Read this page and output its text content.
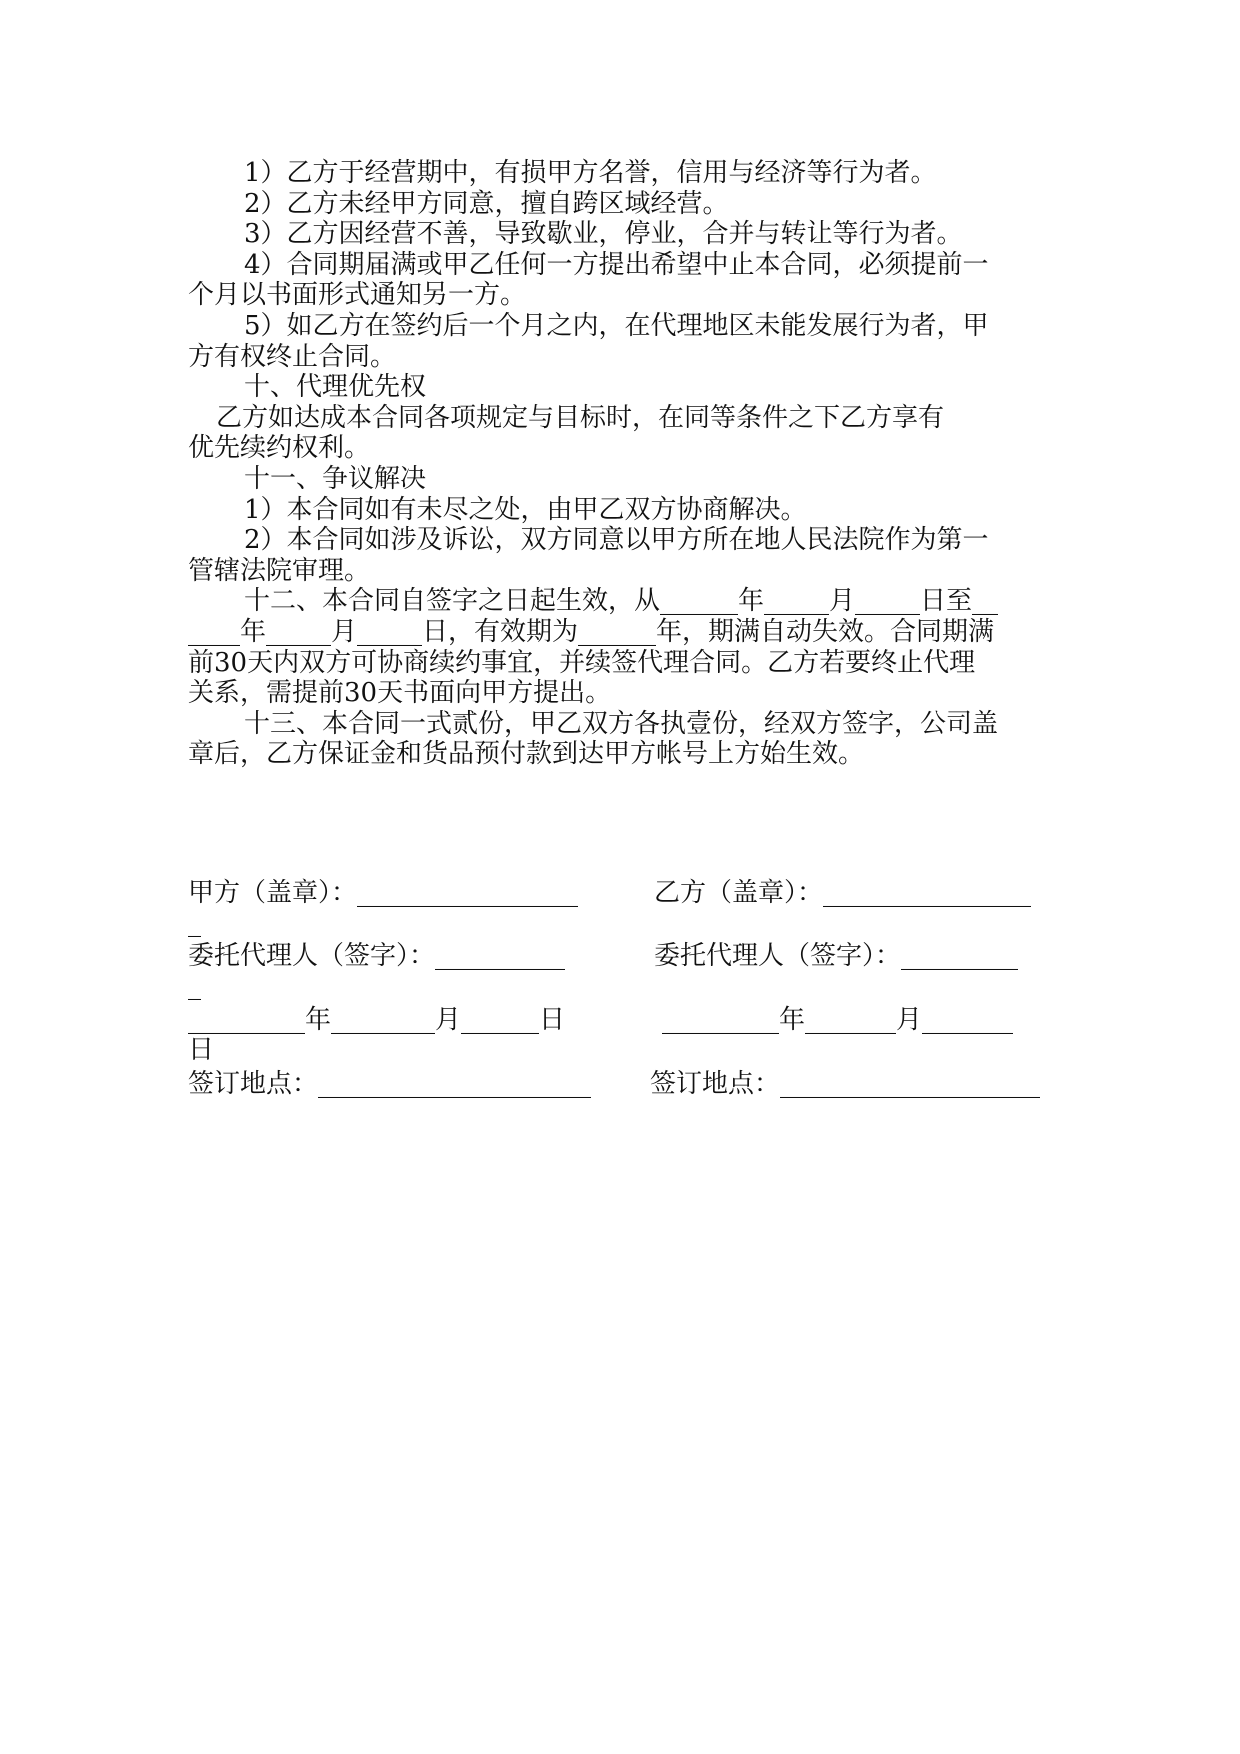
1）乙方于经营期中，有损甲方名誉，信用与经济等行为者。

2）乙方未经甲方同意，擅自跨区域经营。

3）乙方因经营不善，导致歇业，停业，合并与转让等行为者。

4）合同期届满或甲乙任何一方提出希望中止本合同，必须提前一

个月以书面形式通知另一方。

5）如乙方在签约后一个月之内，在代理地区未能发展行为者，甲

方有权终止合同。

十、代理优先权

乙方如达成本合同各项规定与目标时，在同等条件之下乙方享有

优先续约权利。

十一、争议解决

1）本合同如有未尽之处，由甲乙双方协商解决。

2）本合同如涉及诉讼，双方同意以甲方所在地人民法院作为第一

管辖法院审理。

十二、本合同自签字之日起生效，从______年_____月_____日至__

____年_____月_____日，有效期为______年，期满自动失效。合同期满

前30天内双方可协商续约事宜，并续签代理合同。乙方若要终止代理

关系，需提前30天书面向甲方提出。

十三、本合同一式贰份，甲乙双方各执壹份，经双方签字，公司盖

章后，乙方保证金和货品预付款到达甲方帐号上方始生效。

甲方（盖章）：_________________	乙方（盖章）：________________
_
委托代理人（签字）：__________	委托代理人（签字）：_________
_
_________年________月______日	_________年_______月_______
日
签订地点：_____________________ 签订地点：____________________
